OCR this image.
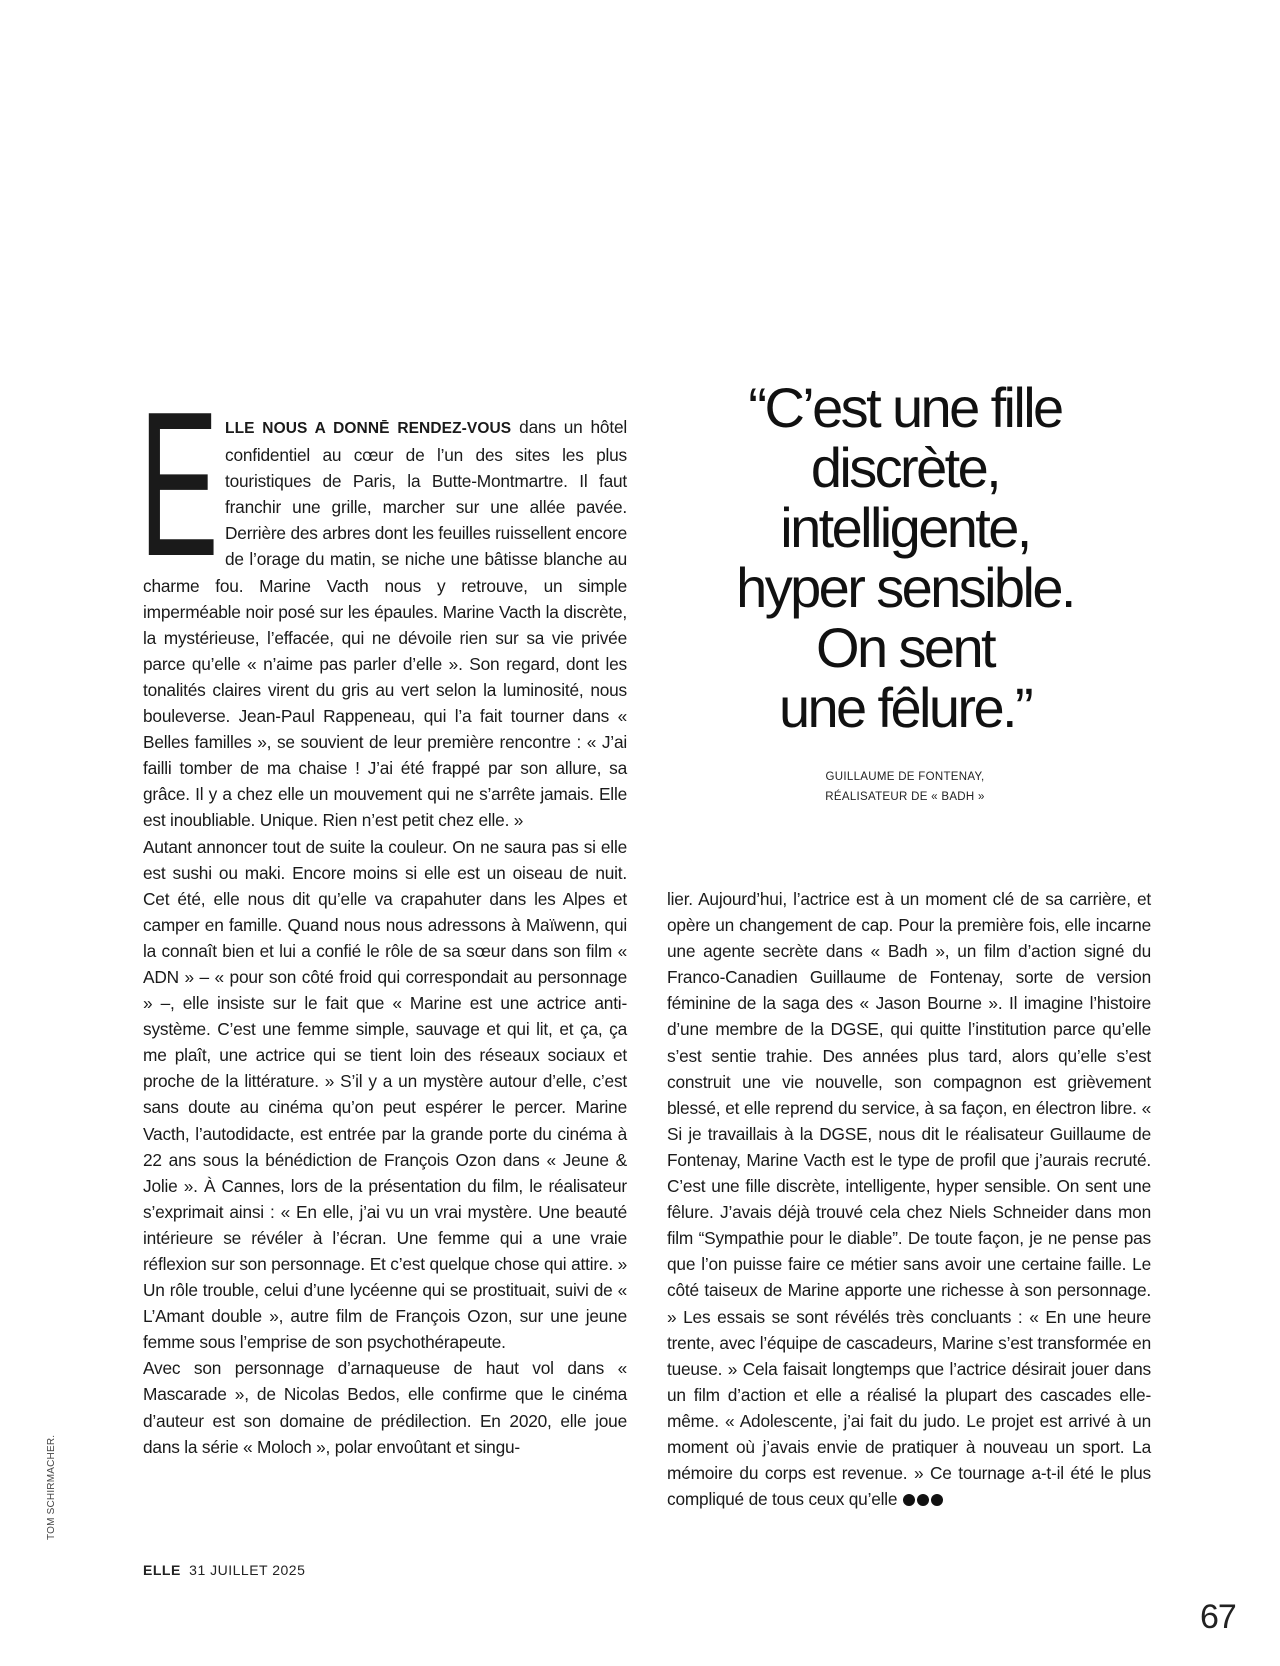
ELLE NOUS A DONNĒ RENDEZ-VOUS dans un hôtel confidentiel au cœur de l’un des sites les plus touristiques de Paris, la Butte-Montmartre. Il faut franchir une grille, marcher sur une allée pavée. Derrière des arbres dont les feuilles ruissellent encore de l’orage du matin, se niche une bâtisse blanche au charme fou. Marine Vacth nous y retrouve, un simple imperméable noir posé sur les épaules. Marine Vacth la discrète, la mystérieuse, l’effacée, qui ne dévoile rien sur sa vie privée parce qu’elle « n’aime pas parler d’elle ». Son regard, dont les tonalités claires virent du gris au vert selon la luminosité, nous bouleverse. Jean-Paul Rappeneau, qui l’a fait tourner dans « Belles familles », se souvient de leur première rencontre : « J’ai failli tomber de ma chaise ! J’ai été frappé par son allure, sa grâce. Il y a chez elle un mouvement qui ne s’arrête jamais. Elle est inoubliable. Unique. Rien n’est petit chez elle. »

Autant annoncer tout de suite la couleur. On ne saura pas si elle est sushi ou maki. Encore moins si elle est un oiseau de nuit. Cet été, elle nous dit qu’elle va crapahuter dans les Alpes et camper en famille. Quand nous nous adressons à Maïwenn, qui la connaît bien et lui a confié le rôle de sa sœur dans son film « ADN » – « pour son côté froid qui correspondait au personnage » –, elle insiste sur le fait que « Marine est une actrice anti-système. C’est une femme simple, sauvage et qui lit, et ça, ça me plaît, une actrice qui se tient loin des réseaux sociaux et proche de la littérature. » S’il y a un mystère autour d’elle, c’est sans doute au cinéma qu’on peut espérer le percer. Marine Vacth, l’autodidacte, est entrée par la grande porte du cinéma à 22 ans sous la bénédiction de François Ozon dans « Jeune & Jolie ». À Cannes, lors de la présentation du film, le réalisateur s’exprimait ainsi : « En elle, j’ai vu un vrai mystère. Une beauté intérieure se révéler à l’écran. Une femme qui a une vraie réflexion sur son personnage. Et c’est quelque chose qui attire. » Un rôle trouble, celui d’une lycéenne qui se prostituait, suivi de « L’Amant double », autre film de François Ozon, sur une jeune femme sous l’emprise de son psychothérapeute.

Avec son personnage d’arnaqueuse de haut vol dans « Mascarade », de Nicolas Bedos, elle confirme que le cinéma d’auteur est son domaine de prédilection. En 2020, elle joue dans la série « Moloch », polar envoûtant et singu-

“C’est une fille
discrète,
intelligente,
hyper sensible.
On sent
une fêlure.”
GUILLAUME DE FONTENAY,
RÉALISATEUR DE « BADH »

lier. Aujourd’hui, l’actrice est à un moment clé de sa carrière, et opère un changement de cap. Pour la première fois, elle incarne une agente secrète dans « Badh », un film d’action signé du Franco-Canadien Guillaume de Fontenay, sorte de version féminine de la saga des « Jason Bourne ». Il imagine l’histoire d’une membre de la DGSE, qui quitte l’institution parce qu’elle s’est sentie trahie. Des années plus tard, alors qu’elle s’est construit une vie nouvelle, son compagnon est grièvement blessé, et elle reprend du service, à sa façon, en électron libre. « Si je travaillais à la DGSE, nous dit le réalisateur Guillaume de Fontenay, Marine Vacth est le type de profil que j’aurais recruté. C’est une fille discrète, intelligente, hyper sensible. On sent une fêlure. J’avais déjà trouvé cela chez Niels Schneider dans mon film “Sympathie pour le diable”. De toute façon, je ne pense pas que l’on puisse faire ce métier sans avoir une certaine faille. Le côté taiseux de Marine apporte une richesse à son personnage. » Les essais se sont révélés très concluants : « En une heure trente, avec l’équipe de cascadeurs, Marine s’est transformée en tueuse. » Cela faisait longtemps que l’actrice désirait jouer dans un film d’action et elle a réalisé la plupart des cascades elle-même. « Adolescente, j’ai fait du judo. Le projet est arrivé à un moment où j’avais envie de pratiquer à nouveau un sport. La mémoire du corps est revenue. » Ce tournage a-t-il été le plus compliqué de tous ceux qu’elle

TOM SCHIRMACHER.
ELLE 31 JUILLET 2025
67
